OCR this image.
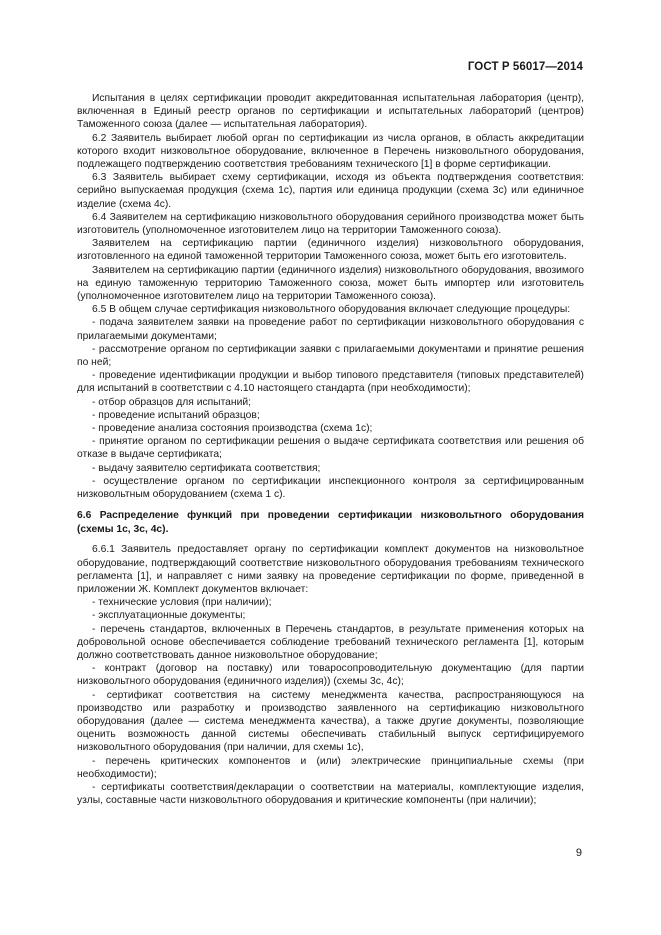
ГОСТ Р 56017—2014

Испытания в целях сертификации проводит аккредитованная испытательная лаборатория (центр), включенная в Единый реестр органов по сертификации и испытательных лабораторий (центров) Таможенного союза (далее — испытательная лаборатория).

6.2 Заявитель выбирает любой орган по сертификации из числа органов, в область аккредитации которого входит низковольтное оборудование, включенное в Перечень низковольтного оборудования, подлежащего подтверждению соответствия требованиям технического [1] в форме сертификации.

6.3 Заявитель выбирает схему сертификации, исходя из объекта подтверждения соответствия: серийно выпускаемая продукция (схема 1с), партия или единица продукции (схема 3с) или единичное изделие (схема 4с).

6.4 Заявителем на сертификацию низковольтного оборудования серийного производства может быть изготовитель (уполномоченное изготовителем лицо на территории Таможенного союза).

Заявителем на сертификацию партии (единичного изделия) низковольтного оборудования, изготовленного на единой таможенной территории Таможенного союза, может быть его изготовитель.

Заявителем на сертификацию партии (единичного изделия) низковольтного оборудования, ввозимого на единую таможенную территорию Таможенного союза, может быть импортер или изготовитель (уполномоченное изготовителем лицо на территории Таможенного союза).

6.5 В общем случае сертификация низковольтного оборудования включает следующие процедуры:

- подача заявителем заявки на проведение работ по сертификации низковольтного оборудования с прилагаемыми документами;

- рассмотрение органом по сертификации заявки с прилагаемыми документами и принятие решения по ней;

- проведение идентификации продукции и выбор типового представителя (типовых представителей) для испытаний в соответствии с 4.10 настоящего стандарта (при необходимости);

- отбор образцов для испытаний;

- проведение испытаний образцов;

- проведение анализа состояния производства (схема 1с);

- принятие органом по сертификации решения о выдаче сертификата соответствия или решения об отказе в выдаче сертификата;

- выдачу заявителю сертификата соответствия;

- осуществление органом по сертификации инспекционного контроля за сертифицированным низковольтным оборудованием (схема 1 с).

6.6 Распределение функций при проведении сертификации низковольтного оборудования (схемы 1с, 3с, 4с).

6.6.1 Заявитель предоставляет органу по сертификации комплект документов на низковольтное оборудование, подтверждающий соответствие низковольтного оборудования требованиям технического регламента [1], и направляет с ними заявку на проведение сертификации по форме, приведенной в приложении Ж. Комплект документов включает:

- технические условия (при наличии);

- эксплуатационные документы;

- перечень стандартов, включенных в Перечень стандартов, в результате применения которых на добровольной основе обеспечивается соблюдение требований технического регламента [1], которым должно соответствовать данное низковольтное оборудование;

- контракт (договор на поставку) или товаросопроводительную документацию (для партии низковольтного оборудования (единичного изделия)) (схемы 3с, 4с);

- сертификат соответствия на систему менеджмента качества, распространяющуюся на производство или разработку и производство заявленного на сертификацию низковольтного оборудования (далее — система менеджмента качества), а также другие документы, позволяющие оценить возможность данной системы обеспечивать стабильный выпуск сертифицируемого низковольтного оборудования (при наличии, для схемы 1с),

- перечень критических компонентов и (или) электрические принципиальные схемы (при необходимости);

- сертификаты соответствия/декларации о соответствии на материалы, комплектующие изделия, узлы, составные части низковольтного оборудования и критические компоненты (при наличии);

9
